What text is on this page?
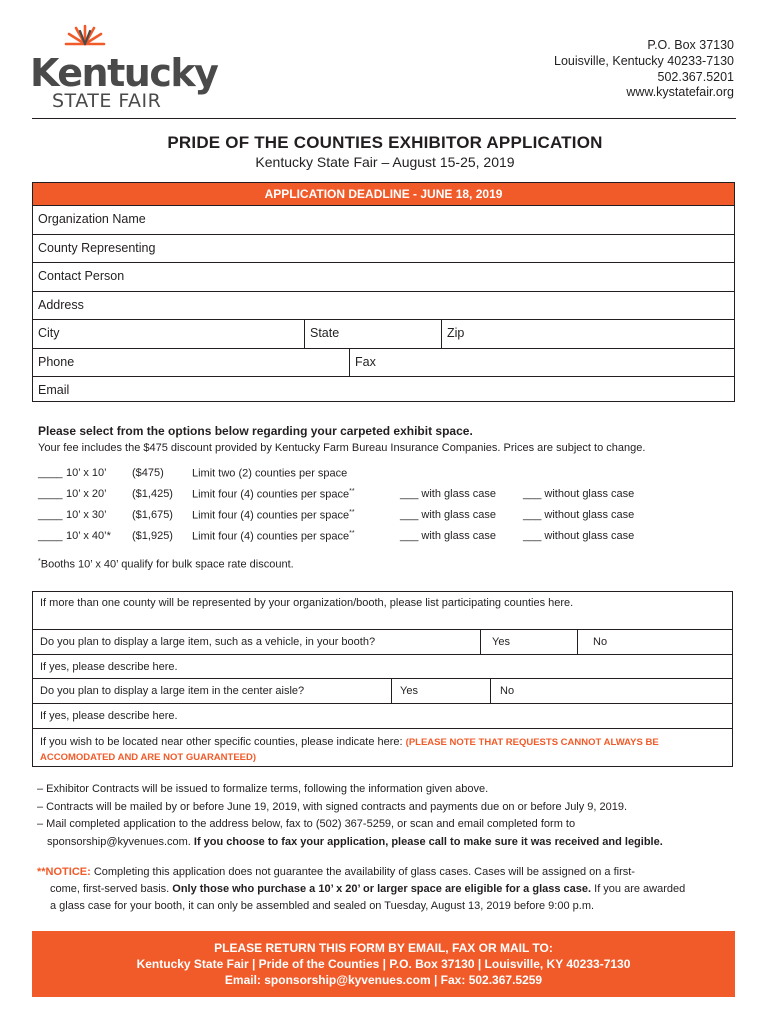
Kentucky
STATE FAIR
P.O. Box 37130
Louisville, Kentucky 40233-7130
502.367.5201
www.kystatefair.org
PRIDE OF THE COUNTIES EXHIBITOR APPLICATION
Kentucky State Fair – August 15-25, 2019
APPLICATION DEADLINE - JUNE 18, 2019
Organization Name
County Representing
Contact Person
Address
City	State	Zip
Phone	Fax
Email
Please select from the options below regarding your carpeted exhibit space.
Your fee includes the $475 discount provided by Kentucky Farm Bureau Insurance Companies. Prices are subject to change.
____ 10’ x 10’ ($475)	Limit two (2) counties per space
____ 10’ x 20’ ($1,425) Limit four (4) counties per space**	___ with glass case ___ without glass case
____ 10’ x 30’ ($1,675) Limit four (4) counties per space**	___ with glass case ___ without glass case
____ 10’ x 40’* ($1,925) Limit four (4) counties per space**	___ with glass case ___ without glass case
*Booths 10’ x 40’ qualify for bulk space rate discount.
If more than one county will be represented by your organization/booth, please list participating counties here.
Do you plan to display a large item, such as a vehicle, in your booth?	Yes	No
If yes, please describe here.
Do you plan to display a large item in the center aisle?	Yes	No
If yes, please describe here.
If you wish to be located near other specific counties, please indicate here: (PLEASE NOTE THAT REQUESTS CANNOT ALWAYS BE
ACCOMODATED AND ARE NOT GUARANTEED)
– Exhibitor Contracts will be issued to formalize terms, following the information given above.
– Contracts will be mailed by or before June 19, 2019, with signed contracts and payments due on or before July 9, 2019.
– Mail completed application to the address below, fax to (502) 367-5259, or scan and email completed form to
sponsorship@kyvenues.com. If you choose to fax your application, please call to make sure it was received and legible.
**NOTICE: Completing this application does not guarantee the availability of glass cases. Cases will be assigned on a first-
come, first-served basis. Only those who purchase a 10’ x 20’ or larger space are eligible for a glass case. If you are awarded
a glass case for your booth, it can only be assembled and sealed on Tuesday, August 13, 2019 before 9:00 p.m.
PLEASE RETURN THIS FORM BY EMAIL, FAX OR MAIL TO:
Kentucky State Fair | Pride of the Counties | P.O. Box 37130 | Louisville, KY 40233-7130
Email: sponsorship@kyvenues.com | Fax: 502.367.5259
